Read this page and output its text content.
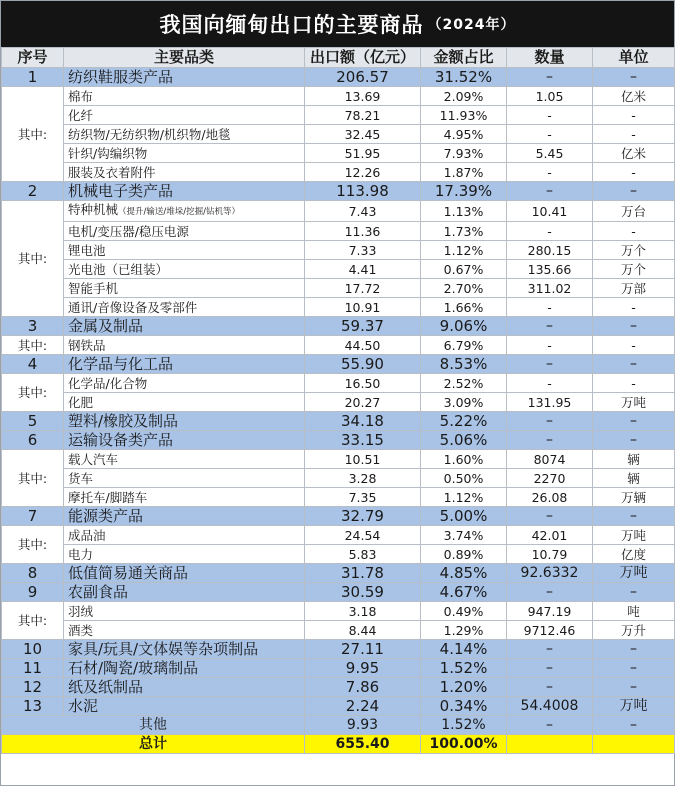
我国向缅甸出口的主要商品 （2024年）
序号	主要品类	出口额（亿元）	金额占比	数量	单位
1	纺织鞋服类产品	206.57	31.52%	–	–
其中:	棉布	13.69	2.09%	1.05	亿米
	化纤	78.21	11.93%	-	-
	纺织物/无纺织物/机织物/地毯	32.45	4.95%	-	-
	针织/钩编织物	51.95	7.93%	5.45	亿米
	服装及衣着附件	12.26	1.87%	-	-
2	机械电子类产品	113.98	17.39%	–	–
其中:	特种机械（提升/输送/堆垛/挖掘/钻机等）	7.43	1.13%	10.41	万台
	电机/变压器/稳压电源	11.36	1.73%	-	-
	锂电池	7.33	1.12%	280.15	万个
	光电池（已组装）	4.41	0.67%	135.66	万个
	智能手机	17.72	2.70%	311.02	万部
	通讯/音像设备及零部件	10.91	1.66%	-	-
3	金属及制品	59.37	9.06%	–	–
其中:	钢铁品	44.50	6.79%	-	-
4	化学品与化工品	55.90	8.53%	–	–
其中:	化学品/化合物	16.50	2.52%	-	-
	化肥	20.27	3.09%	131.95	万吨
5	塑料/橡胶及制品	34.18	5.22%	–	–
6	运输设备类产品	33.15	5.06%	–	–
其中:	载人汽车	10.51	1.60%	8074	辆
	货车	3.28	0.50%	2270	辆
	摩托车/脚踏车	7.35	1.12%	26.08	万辆
7	能源类产品	32.79	5.00%	–	–
其中:	成品油	24.54	3.74%	42.01	万吨
	电力	5.83	0.89%	10.79	亿度
8	低值简易通关商品	31.78	4.85%	92.6332	万吨
9	农副食品	30.59	4.67%	–	–
其中:	羽绒	3.18	0.49%	947.19	吨
	酒类	8.44	1.29%	9712.46	万升
10	家具/玩具/文体娱等杂项制品	27.11	4.14%	–	–
11	石材/陶瓷/玻璃制品	9.95	1.52%	–	–
12	纸及纸制品	7.86	1.20%	–	–
13	水泥	2.24	0.34%	54.4008	万吨
其他		9.93	1.52%	–	–
总计		655.40	100.00%		
